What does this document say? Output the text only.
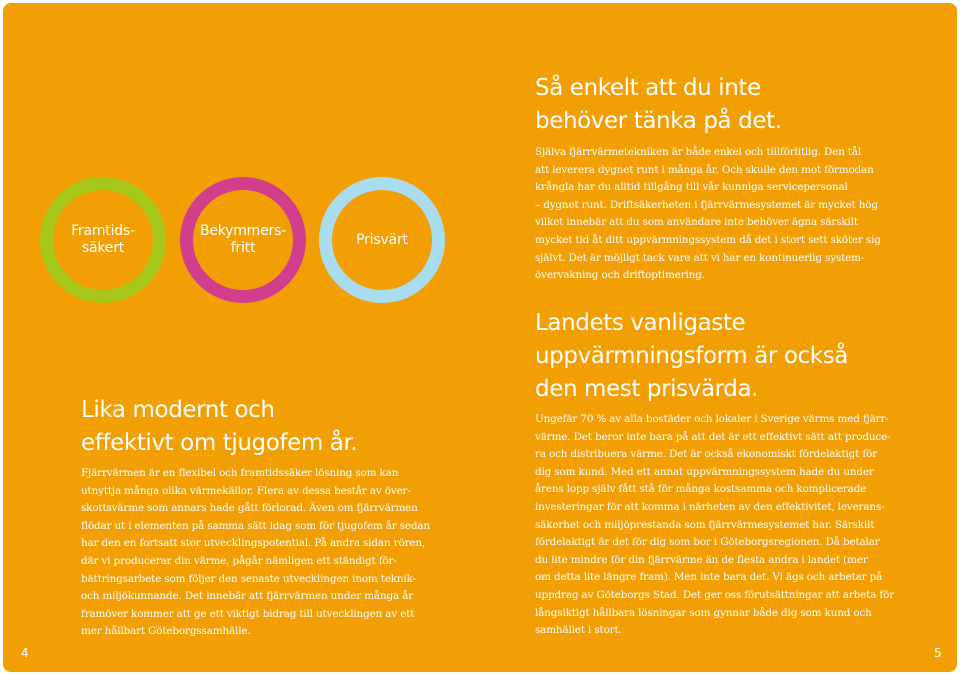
Framtids-
säkert
Bekymmers-
fritt
Prisvärt
Lika modernt och
effektivt om tjugofem år.
Fjärrvärmen är en flexibel och framtidssäker lösning som kan
utnyttja många olika värmekällor. Flera av dessa består av över-
skottsvärme som annars hade gått förlorad. Även om fjärrvärmen
flödar ut i elementen på samma sätt idag som för tjugofem år sedan
har den en fortsatt stor utvecklingspotential. På andra sidan rören,
där vi producerar din värme, pågår nämligen ett ständigt för-
bättringsarbete som följer den senaste utvecklingen inom teknik-
och miljökunnande. Det innebär att fjärrvärmen under många år
framöver kommer att ge ett viktigt bidrag till utvecklingen av ett
mer hållbart Göteborgssamhälle.
Så enkelt att du inte
behöver tänka på det.
Själva fjärrvärmetekniken är både enkel och tillförlitlig. Den tål
att leverera dygnet runt i många år. Och skulle den mot förmodan
krångla har du alltid tillgång till vår kunniga servicepersonal
– dygnet runt. Driftsäkerheten i fjärrvärmesystemet är mycket hög
vilket innebär att du som användare inte behöver ägna särskilt
mycket tid åt ditt uppvärmningssystem då det i stort sett sköter sig
självt. Det är möjligt tack vare att vi har en kontinuerlig system-
övervakning och driftoptimering.
Landets vanligaste
uppvärmningsform är också
den mest prisvärda.
Ungefär 70 % av alla bostäder och lokaler i Sverige värms med fjärr-
värme. Det beror inte bara på att det är ett effektivt sätt att produce-
ra och distribuera värme. Det är också ekonomiskt fördelaktigt för
dig som kund. Med ett annat uppvärmningssystem hade du under
årens lopp själv fått stå för många kostsamma och komplicerade
investeringar för att komma i närheten av den effektivitet, leverans-
säkerhet och miljöprestanda som fjärrvärmesystemet har. Särskilt
fördelaktigt är det för dig som bor i Göteborgsregionen. Då betalar
du lite mindre för din fjärrvärme än de flesta andra i landet (mer
om detta lite längre fram). Men inte bara det. Vi ägs och arbetar på
uppdrag av Göteborgs Stad. Det ger oss förutsättningar att arbeta för
långsiktigt hållbara lösningar som gynnar både dig som kund och
samhället i stort.
4	5
